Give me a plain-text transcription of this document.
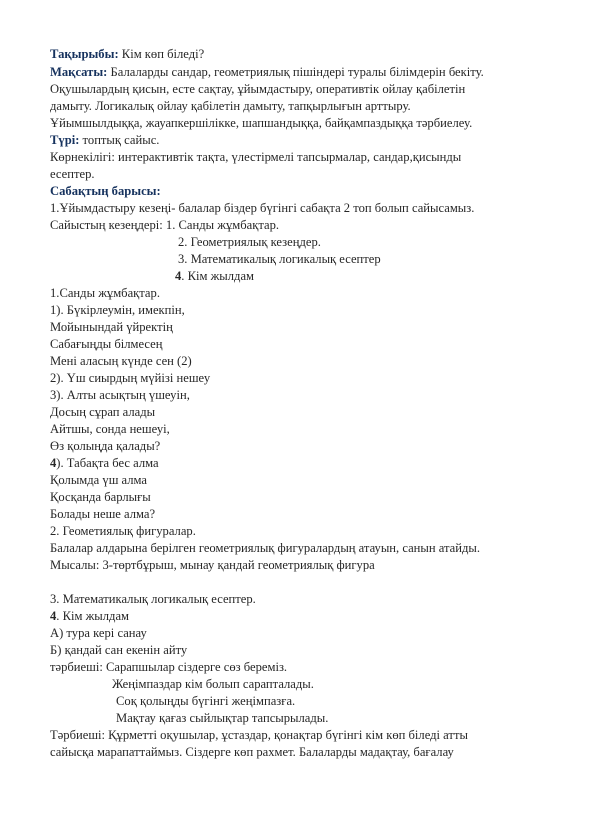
Тақырыбы: Кім көп біледі?

Мақсаты: Балаларды сандар, геометриялық пішіндері туралы білімдерін бекіту.

Оқушылардың қисын, есте сақтау, ұйымдастыру, оперативтік ойлау қабілетін

дамыту. Логикалық ойлау қабілетін дамыту, тапқырлығын арттыру.

Ұйымшылдыққа, жауапкершілікке, шапшандыққа, байқампаздыққа тәрбиелеу.

Түрі: топтық сайыс.

Көрнекілігі: интерактивтік тақта, үлестірмелі тапсырмалар, сандар,қисынды

есептер.

Сабақтың барысы:

1.Ұйымдастыру кезеңі- балалар біздер бүгінгі сабақта 2 топ болып сайысамыз.

Сайыстың кезеңдері: 1. Санды жұмбақтар.

2. Геометриялық кезеңдер.

3. Математикалық логикалық есептер

4. Кім жылдам

1.Санды жұмбақтар.

1). Бүкірлеумін, имекпін,

Мойынындай үйректің

Сабағыңды білмесең

Мені аласың күнде сен (2)

2). Үш сиырдың мүйізі нешеу

3). Алты асықтың үшеуін,

Досың сұрап алады

Айтшы, сонда нешеуі,

Өз қолыңда қалады?

4). Табақта бес алма

Қолымда үш алма

Қосқанда барлығы

Болады неше алма?

2. Геометиялық фигуралар.

Балалар алдарына берілген геометриялық фигуралардың атауын, санын атайды.

Мысалы: 3-төртбұрыш, мынау қандай геометриялық фигура

3. Математикалық логикалық есептер.

4. Кім жылдам

А) тура кері санау

Б) қандай сан екенін айту

тәрбиеші: Сарапшылар сіздерге сөз береміз.

Жеңімпаздар кім болып сарапталады.

Соқ қолыңды бүгінгі жеңімпазға.

Мақтау қағаз сыйлықтар тапсырылады.

Тәрбиеші: Құрметті оқушылар, ұстаздар, қонақтар бүгінгі кім көп біледі атты

сайысқа марапаттаймыз. Сіздерге көп рахмет. Балаларды мадақтау, бағалау
